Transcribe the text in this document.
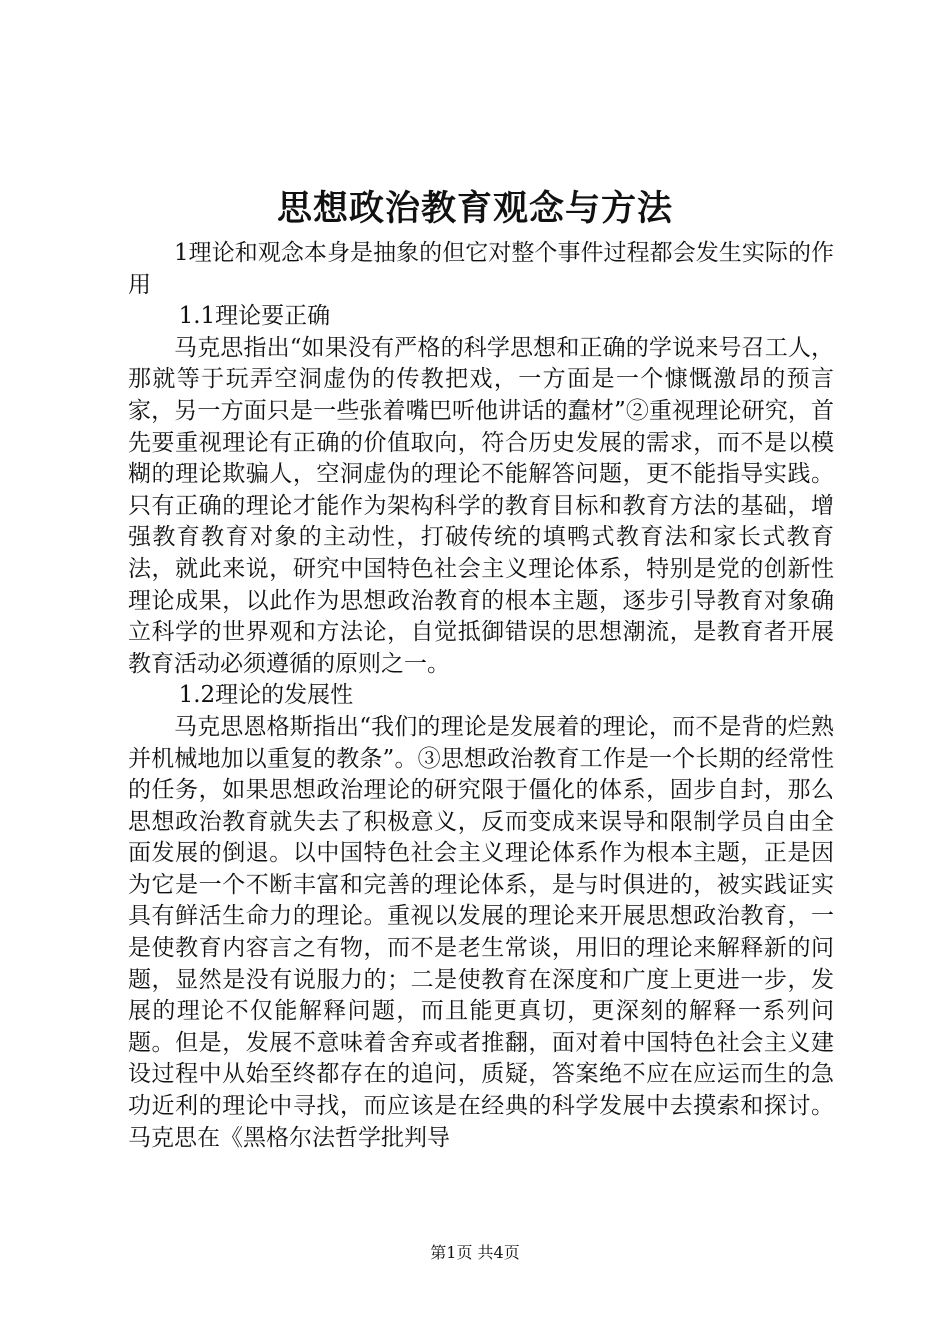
思想政治教育观念与方法

1理论和观念本身是抽象的但它对整个事件过程都会发生实际的作用

1.1理论要正确

马克思指出“如果没有严格的科学思想和正确的学说来号召工人，那就等于玩弄空洞虚伪的传教把戏，一方面是一个慷慨激昂的预言家，另一方面只是一些张着嘴巴听他讲话的蠢材”②重视理论研究，首先要重视理论有正确的价值取向，符合历史发展的需求，而不是以模糊的理论欺骗人，空洞虚伪的理论不能解答问题，更不能指导实践。只有正确的理论才能作为架构科学的教育目标和教育方法的基础，增强教育教育对象的主动性，打破传统的填鸭式教育法和家长式教育法，就此来说，研究中国特色社会主义理论体系，特别是党的创新性理论成果，以此作为思想政治教育的根本主题，逐步引导教育对象确立科学的世界观和方法论，自觉抵御错误的思想潮流，是教育者开展教育活动必须遵循的原则之一。

1.2理论的发展性

马克思恩格斯指出“我们的理论是发展着的理论，而不是背的烂熟并机械地加以重复的教条”。③思想政治教育工作是一个长期的经常性的任务，如果思想政治理论的研究限于僵化的体系，固步自封，那么思想政治教育就失去了积极意义，反而变成来误导和限制学员自由全面发展的倒退。以中国特色社会主义理论体系作为根本主题，正是因为它是一个不断丰富和完善的理论体系，是与时俱进的，被实践证实具有鲜活生命力的理论。重视以发展的理论来开展思想政治教育，一是使教育内容言之有物，而不是老生常谈，用旧的理论来解释新的问题，显然是没有说服力的；二是使教育在深度和广度上更进一步，发展的理论不仅能解释问题，而且能更真切，更深刻的解释一系列问题。但是，发展不意味着舍弃或者推翻，面对着中国特色社会主义建设过程中从始至终都存在的追问，质疑，答案绝不应在应运而生的急功近利的理论中寻找，而应该是在经典的科学发展中去摸索和探讨。马克思在《黑格尔法哲学批判导

第1页 共4页
